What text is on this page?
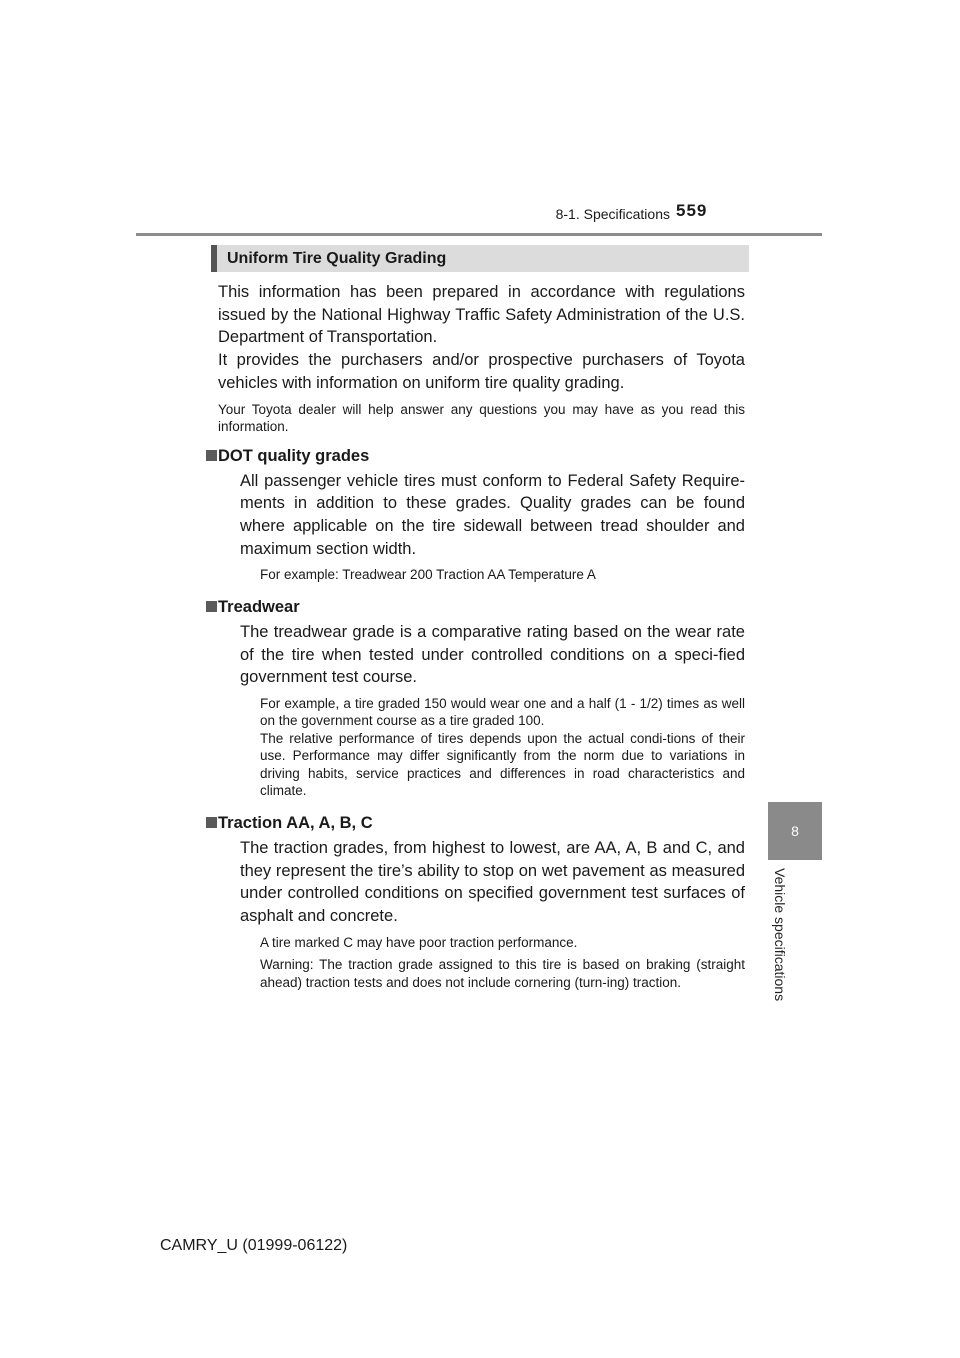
8-1. Specifications 559
8
Vehicle specifications
Uniform Tire Quality Grading

This information has been prepared in accordance with regulations issued by the National Highway Traffic Safety Administration of the U.S. Department of Transportation.

It provides the purchasers and/or prospective purchasers of Toyota vehicles with information on uniform tire quality grading.

Your Toyota dealer will help answer any questions you may have as you read this information.

DOT quality grades

All passenger vehicle tires must conform to Federal Safety Require-ments in addition to these grades. Quality grades can be found where applicable on the tire sidewall between tread shoulder and maximum section width.

For example: Treadwear 200 Traction AA Temperature A

Treadwear

The treadwear grade is a comparative rating based on the wear rate of the tire when tested under controlled conditions on a speci-fied government test course.

For example, a tire graded 150 would wear one and a half (1 - 1/2) times as well on the government course as a tire graded 100.

The relative performance of tires depends upon the actual condi-tions of their use. Performance may differ significantly from the norm due to variations in driving habits, service practices and differences in road characteristics and climate.

Traction AA, A, B, C

The traction grades, from highest to lowest, are AA, A, B and C, and they represent the tire’s ability to stop on wet pavement as measured under controlled conditions on specified government test surfaces of asphalt and concrete.

A tire marked C may have poor traction performance.

Warning: The traction grade assigned to this tire is based on braking (straight ahead) traction tests and does not include cornering (turn-ing) traction.

CAMRY_U (01999-06122)
